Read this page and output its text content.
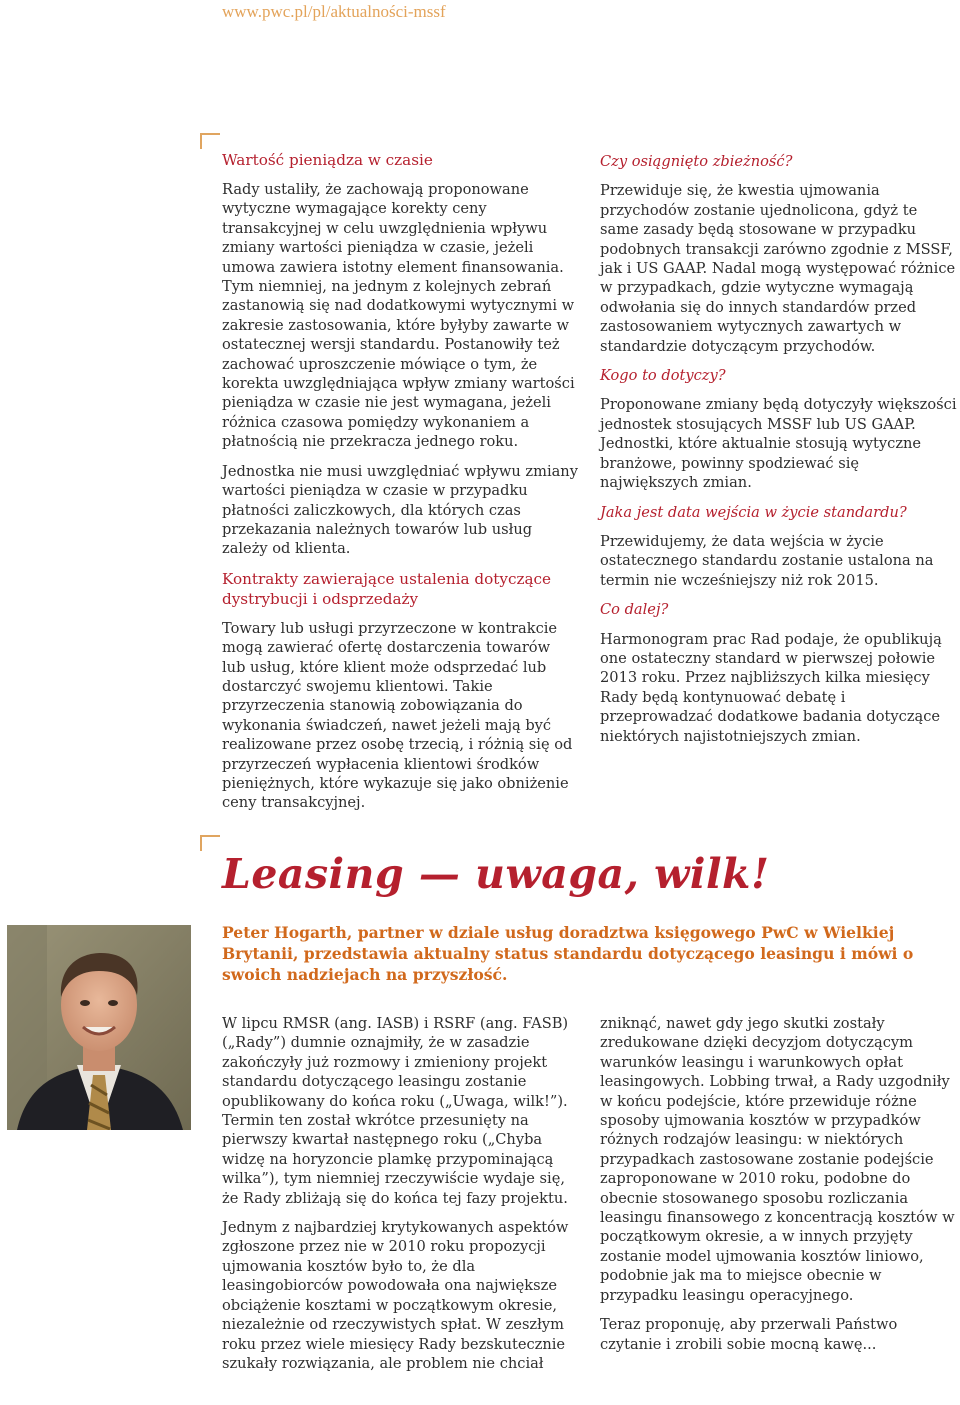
www.pwc.pl/pl/aktualności-mssf

Wartość pieniądza w czasie

Rady ustaliły, że zachowają proponowane wytyczne wymagające korekty ceny transakcyjnej w celu uwzględnienia wpływu zmiany wartości pieniądza w czasie, jeżeli umowa zawiera istotny element finansowania. Tym niemniej, na jednym z kolejnych zebrań zastanowią się nad dodatkowymi wytycznymi w zakresie zastosowania, które byłyby zawarte w ostatecznej wersji standardu. Postanowiły też zachować uproszczenie mówiące o tym, że korekta uwzględniająca wpływ zmiany wartości pieniądza w czasie nie jest wymagana, jeżeli różnica czasowa pomiędzy wykonaniem a płatnością nie przekracza jednego roku.

Jednostka nie musi uwzględniać wpływu zmiany wartości pieniądza w czasie w przypadku płatności zaliczkowych, dla których czas przekazania należnych towarów lub usług zależy od klienta.

Kontrakty zawierające ustalenia dotyczące dystrybucji i odsprzedaży

Towary lub usługi przyrzeczone w kontrakcie mogą zawierać ofertę dostarczenia towarów lub usług, które klient może odsprzedać lub dostarczyć swojemu klientowi. Takie przyrzeczenia stanowią zobowiązania do wykonania świadczeń, nawet jeżeli mają być realizowane przez osobę trzecią, i różnią się od przyrzeczeń wypłacenia klientowi środków pieniężnych, które wykazuje się jako obniżenie ceny transakcyjnej.

Czy osiągnięto zbieżność?

Przewiduje się, że kwestia ujmowania przychodów zostanie ujednolicona, gdyż te same zasady będą stosowane w przypadku podobnych transakcji zarówno zgodnie z MSSF, jak i US GAAP. Nadal mogą występować różnice w przypadkach, gdzie wytyczne wymagają odwołania się do innych standardów przed zastosowaniem wytycznych zawartych w standardzie dotyczącym przychodów.

Kogo to dotyczy?

Proponowane zmiany będą dotyczyły większości jednostek stosujących MSSF lub US GAAP. Jednostki, które aktualnie stosują wytyczne branżowe, powinny spodziewać się największych zmian.

Jaka jest data wejścia w życie standardu?

Przewidujemy, że data wejścia w życie ostatecznego standardu zostanie ustalona na termin nie wcześniejszy niż rok 2015.

Co dalej?

Harmonogram prac Rad podaje, że opublikują one ostateczny standard w pierwszej połowie 2013 roku. Przez najbliższych kilka miesięcy Rady będą kontynuować debatę i przeprowadzać dodatkowe badania dotyczące niektórych najistotniejszych zmian.

Leasing — uwaga, wilk!

Peter Hogarth, partner w dziale usług doradztwa księgowego PwC w Wielkiej Brytanii, przedstawia aktualny status standardu dotyczącego leasingu i mówi o swoich nadziejach na przyszłość.

W lipcu RMSR (ang. IASB) i RSRF (ang. FASB) („Rady”) dumnie oznajmiły, że w zasadzie zakończyły już rozmowy i zmieniony projekt standardu dotyczącego leasingu zostanie opublikowany do końca roku („Uwaga, wilk!”). Termin ten został wkrótce przesunięty na pierwszy kwartał następnego roku („Chyba widzę na horyzoncie plamkę przypominającą wilka”), tym niemniej rzeczywiście wydaje się, że Rady zbliżają się do końca tej fazy projektu.

Jednym z najbardziej krytykowanych aspektów zgłoszone przez nie w 2010 roku propozycji ujmowania kosztów było to, że dla leasingobiorców powodowała ona największe obciążenie kosztami w początkowym okresie, niezależnie od rzeczywistych spłat. W zeszłym roku przez wiele miesięcy Rady bezskutecznie szukały rozwiązania, ale problem nie chciał

zniknąć, nawet gdy jego skutki zostały zredukowane dzięki decyzjom dotyczącym warunków leasingu i warunkowych opłat leasingowych. Lobbing trwał, a Rady uzgodniły w końcu podejście, które przewiduje różne sposoby ujmowania kosztów w przypadków różnych rodzajów leasingu: w niektórych przypadkach zastosowane zostanie podejście zaproponowane w 2010 roku, podobne do obecnie stosowanego sposobu rozliczania leasingu finansowego z koncentracją kosztów w początkowym okresie, a w innych przyjęty zostanie model ujmowania kosztów liniowo, podobnie jak ma to miejsce obecnie w przypadku leasingu operacyjnego.

Teraz proponuję, aby przerwali Państwo czytanie i zrobili sobie mocną kawę...
